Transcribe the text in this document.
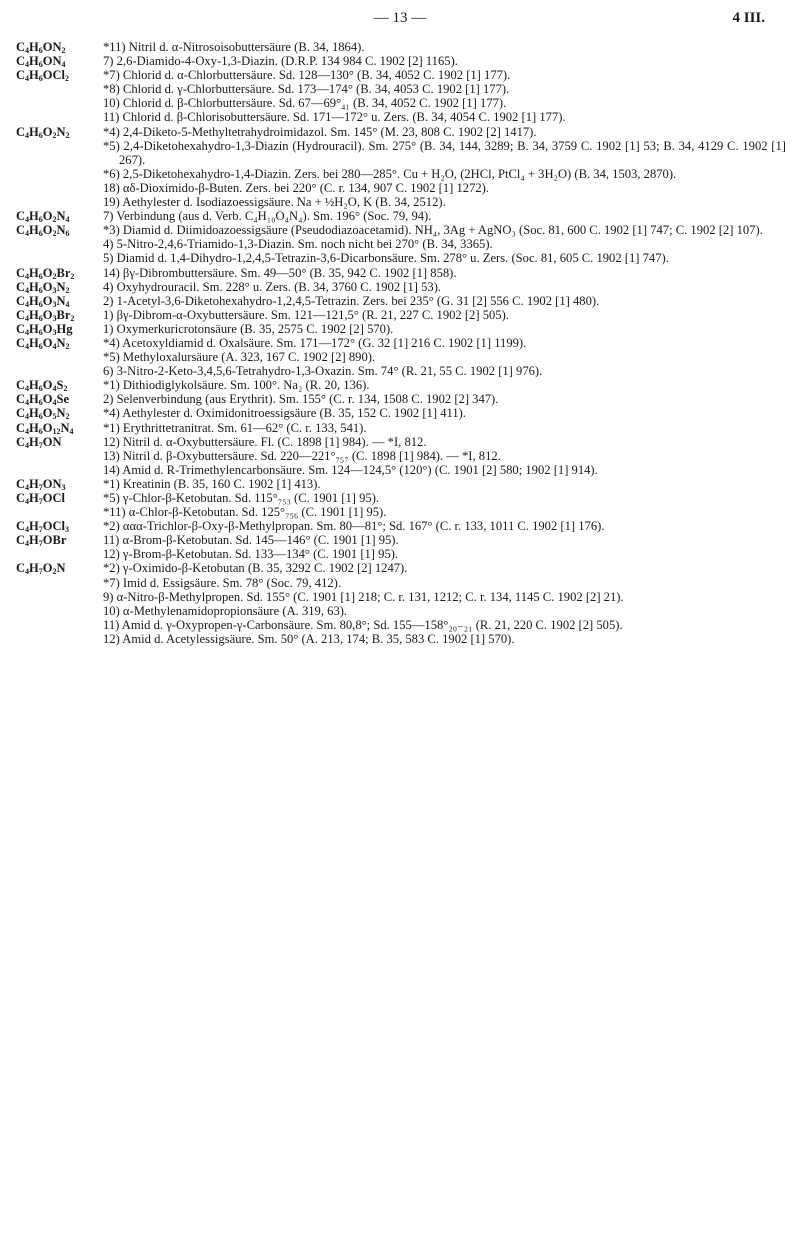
— 13 —	4 III.
$C_4H_6ON_2$	*11) Nitril d. α-Nitrosoisobuttersäure (B. 34, 1864).
$C_4H_6ON_4$	7) 2,6-Diamido-4-Oxy-1,3-Diazin. (D.R.P. 134 984 C. 1902 [2] 1165).
$C_4H_6OCl_2$	*7) Chlorid d. α-Chlorbuttersäure. Sd. 128—130° (B. 34, 4052 C. 1902 [1] 177).
*8) Chlorid d. γ-Chlorbuttersäure. Sd. 173—174° (B. 34, 4053 C. 1902 [1] 177).
10) Chlorid d. β-Chlorbuttersäure. Sd. 67—69°₄₁ (B. 34, 4052 C. 1902 [1] 177).
11) Chlorid d. β-Chlorisobuttersäure. Sd. 171—172° u. Zers. (B. 34, 4054 C. 1902 [1] 177).
$C_4H_6O_2N_2$	*4) 2,4-Diketo-5-Methyltetrahydroimidazol. Sm. 145° (M. 23, 808 C. 1902 [2] 1417).
*5) 2,4-Diketohexahydro-1,3-Diazin (Hydrouracil). Sm. 275° (B. 34, 144, 3289; B. 34, 3759 C. 1902 [1] 53; B. 34, 4129 C. 1902 [1] 267).
*6) 2,5-Diketohexahydro-1,4-Diazin. Zers. bei 280—285°. Cu + H₂O, (2HCl, PtCl₄ + 3H₂O) (B. 34, 1503, 2870).
18) αδ-Dioximido-β-Buten. Zers. bei 220° (C. r. 134, 907 C. 1902 [1] 1272).
19) Aethylester d. Isodiazoessigsäure. Na + ½H₂O, K (B. 34, 2512).
$C_4H_6O_2N_4$	7) Verbindung (aus d. Verb. C₄H₁₀O₄N₄). Sm. 196° (Soc. 79, 94).
$C_4H_6O_2N_6$	*3) Diamid d. Diimidoazoessigsäure (Pseudodiazoacetamid). NH₄, 3Ag + AgNO₃ (Soc. 81, 600 C. 1902 [1] 747; C. 1902 [2] 107).
4) 5-Nitro-2,4,6-Triamido-1,3-Diazin. Sm. noch nicht bei 270° (B. 34, 3365).
5) Diamid d. 1,4-Dihydro-1,2,4,5-Tetrazin-3,6-Dicarbonsäure. Sm. 278° u. Zers. (Soc. 81, 605 C. 1902 [1] 747).
$C_4H_6O_2Br_2$	14) βγ-Dibrombuttersäure. Sm. 49—50° (B. 35, 942 C. 1902 [1] 858).
$C_4H_6O_3N_2$	4) Oxyhydrouracil. Sm. 228° u. Zers. (B. 34, 3760 C. 1902 [1] 53).
$C_4H_6O_3N_4$	2) 1-Acetyl-3,6-Diketohexahydro-1,2,4,5-Tetrazin. Zers. bei 235° (G. 31 [2] 556 C. 1902 [1] 480).
$C_4H_6O_3Br_2$	1) βγ-Dibrom-α-Oxybuttersäure. Sm. 121—121,5° (R. 21, 227 C. 1902 [2] 505).
$C_4H_6O_3Hg$	1) Oxymerkuricrotonsäure (B. 35, 2575 C. 1902 [2] 570).
$C_4H_6O_4N_2$	*4) Acetoxyldiamid d. Oxalsäure. Sm. 171—172° (G. 32 [1] 216 C. 1902 [1] 1199).
*5) Methyloxalursäure (A. 323, 167 C. 1902 [2] 890).
6) 3-Nitro-2-Keto-3,4,5,6-Tetrahydro-1,3-Oxazin. Sm. 74° (R. 21, 55 C. 1902 [1] 976).
$C_4H_6O_4S_2$	*1) Dithiodiglykolsäure. Sm. 100°. Na₂ (R. 20, 136).
$C_4H_6O_4Se$	2) Selenverbindung (aus Erythrit). Sm. 155° (C. r. 134, 1508 C. 1902 [2] 347).
$C_4H_6O_5N_2$	*4) Aethylester d. Oximidonitroessigsäure (B. 35, 152 C. 1902 [1] 411).
$C_4H_6O_{12}N_4$	*1) Erythrittetranitrat. Sm. 61—62° (C. r. 133, 541).
$C_4H_7ON$	12) Nitril d. α-Oxybuttersäure. Fl. (C. 1898 [1] 984). — *I, 812.
13) Nitril d. β-Oxybuttersäure. Sd. 220—221°₇₅₇ (C. 1898 [1] 984). — *I, 812.
14) Amid d. R-Trimethylencarbonsäure. Sm. 124—124,5° (120°) (C. 1901 [2] 580; 1902 [1] 914).
$C_4H_7ON_3$	*1) Kreatinin (B. 35, 160 C. 1902 [1] 413).
$C_4H_7OCl$	*5) γ-Chlor-β-Ketobutan. Sd. 115°₇₅₃ (C. 1901 [1] 95).
*11) α-Chlor-β-Ketobutan. Sd. 125°₇₅₆ (C. 1901 [1] 95).
$C_4H_7OCl_3$	*2) ααα-Trichlor-β-Oxy-β-Methylpropan. Sm. 80—81°; Sd. 167° (C. r. 133, 1011 C. 1902 [1] 176).
$C_4H_7OBr$	11) α-Brom-β-Ketobutan. Sd. 145—146° (C. 1901 [1] 95).
12) γ-Brom-β-Ketobutan. Sd. 133—134° (C. 1901 [1] 95).
$C_4H_7O_2N$	*2) γ-Oximido-β-Ketobutan (B. 35, 3292 C. 1902 [2] 1247).
*7) Imid d. Essigsäure. Sm. 78° (Soc. 79, 412).
9) α-Nitro-β-Methylpropen. Sd. 155° (C. 1901 [1] 218; C. r. 131, 1212; C. r. 134, 1145 C. 1902 [2] 21).
10) α-Methylenamidopropionsäure (A. 319, 63).
11) Amid d. γ-Oxypropen-γ-Carbonsäure. Sm. 80,8°; Sd. 155—158°₂₀₋₂₁ (R. 21, 220 C. 1902 [2] 505).
12) Amid d. Acetylessigsäure. Sm. 50° (A. 213, 174; B. 35, 583 C. 1902 [1] 570).
